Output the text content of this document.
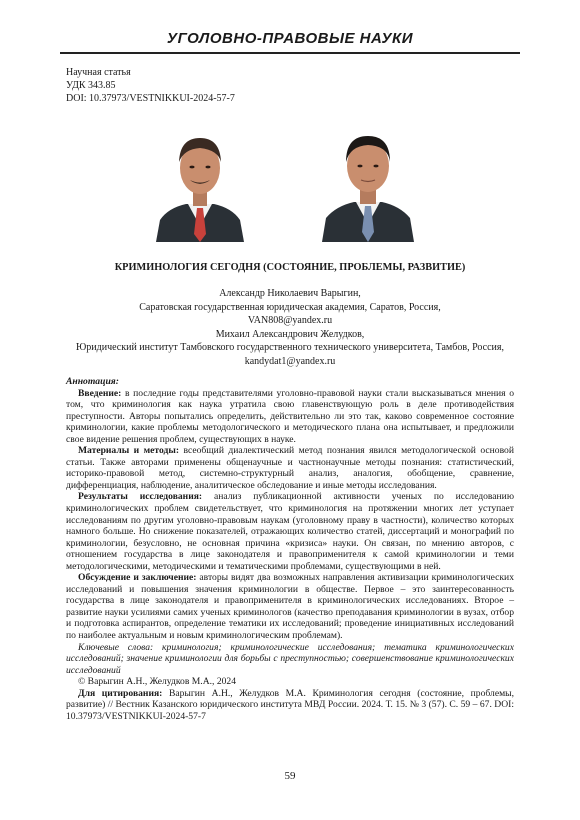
УГОЛОВНО-ПРАВОВЫЕ НАУКИ
Научная статья
УДК 343.85
DOI: 10.37973/VESTNIKKUI-2024-57-7
КРИМИНОЛОГИЯ СЕГОДНЯ (СОСТОЯНИЕ, ПРОБЛЕМЫ, РАЗВИТИЕ)
Александр Николаевич Варыгин,
Саратовская государственная юридическая академия, Саратов, Россия,
VAN808@yandex.ru
Михаил Александрович Желудков,
Юридический институт Тамбовского государственного технического университета, Тамбов, Россия,
kandydat1@yandex.ru

Аннотация:

Введение: в последние годы представителями уголовно-правовой науки стали высказываться мнения о том, что криминология как наука утратила свою главенствующую роль в деле противодействия преступности. Авторы попытались определить, действительно ли это так, каково современное состояние криминологии, какие проблемы методологического и методического плана она испытывает, и предложили свое видение решения проблем, существующих в науке.

Материалы и методы: всеобщий диалектический метод познания явился методологической основой статьи. Также авторами применены общенаучные и частнонаучные методы познания: статистический, историко-правовой метод, системно-структурный анализ, аналогия, обобщение, сравнение, дифференциация, наблюдение, аналитическое обследование и иные методы исследования.

Результаты исследования: анализ публикационной активности ученых по исследованию криминологических проблем свидетельствует, что криминология на протяжении многих лет уступает исследованиям по другим уголовно-правовым наукам (уголовному праву в частности), количество которых намного больше. Но снижение показателей, отражающих количество статей, диссертаций и монографий по криминологии, безусловно, не основная причина «кризиса» науки. Он связан, по мнению авторов, с отношением государства в лице законодателя и правоприменителя к самой криминологии и теми методологическими, методическими и тематическими проблемами, существующими в ней.

Обсуждение и заключение: авторы видят два возможных направления активизации криминологических исследований и повышения значения криминологии в обществе. Первое – это заинтересованность государства в лице законодателя и правоприменителя в криминологических исследованиях. Второе – развитие науки усилиями самих ученых криминологов (качество преподавания криминологии в вузах, отбор и подготовка аспирантов, определение тематики их исследований; проведение инициативных исследований по наиболее актуальным и новым криминологическим проблемам).

Ключевые слова: криминология; криминологические исследования; тематика криминологических исследований; значение криминологии для борьбы с преступностью; совершенствование криминологических исследований

© Варыгин А.Н., Желудков М.А., 2024

Для цитирования: Варыгин А.Н., Желудков М.А. Криминология сегодня (состояние, проблемы, развитие) // Вестник Казанского юридического института МВД России. 2024. Т. 15. № 3 (57). С. 59 – 67. DOI: 10.37973/VESTNIKKUI-2024-57-7

59
